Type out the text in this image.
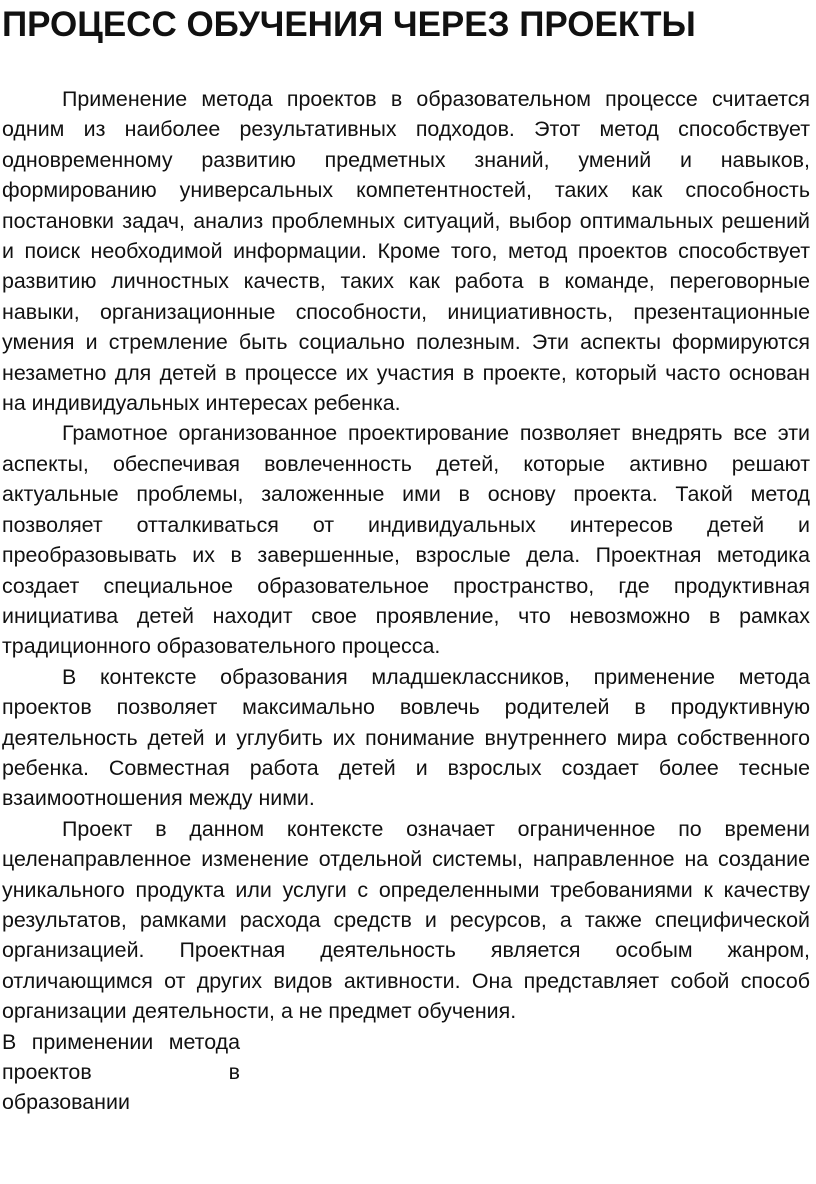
ПРОЦЕСС ОБУЧЕНИЯ ЧЕРЕЗ ПРОЕКТЫ

Применение метода проектов в образовательном процессе считается одним из наиболее результативных подходов. Этот метод способствует одновременному развитию предметных знаний, умений и навыков, формированию универсальных компетентностей, таких как способность постановки задач, анализ проблемных ситуаций, выбор оптимальных решений и поиск необходимой информации. Кроме того, метод проектов способствует развитию личностных качеств, таких как работа в команде, переговорные навыки, организационные способности, инициативность, презентационные умения и стремление быть социально полезным. Эти аспекты формируются незаметно для детей в процессе их участия в проекте, который часто основан на индивидуальных интересах ребенка.

Грамотное организованное проектирование позволяет внедрять все эти аспекты, обеспечивая вовлеченность детей, которые активно решают актуальные проблемы, заложенные ими в основу проекта. Такой метод позволяет отталкиваться от индивидуальных интересов детей и преобразовывать их в завершенные, взрослые дела. Проектная методика создает специальное образовательное пространство, где продуктивная инициатива детей находит свое проявление, что невозможно в рамках традиционного образовательного процесса.

В контексте образования младшеклассников, применение метода проектов позволяет максимально вовлечь родителей в продуктивную деятельность детей и углубить их понимание внутреннего мира собственного ребенка. Совместная работа детей и взрослых создает более тесные взаимоотношения между ними.

Проект в данном контексте означает ограниченное по времени целенаправленное изменение отдельной системы, направленное на создание уникального продукта или услуги с определенными требованиями к качеству результатов, рамками расхода средств и ресурсов, а также специфической организацией. Проектная деятельность является особым жанром, отличающимся от других видов активности. Она представляет собой способ организации деятельности, а не предмет обучения.

В применении метода проектов в образовании
